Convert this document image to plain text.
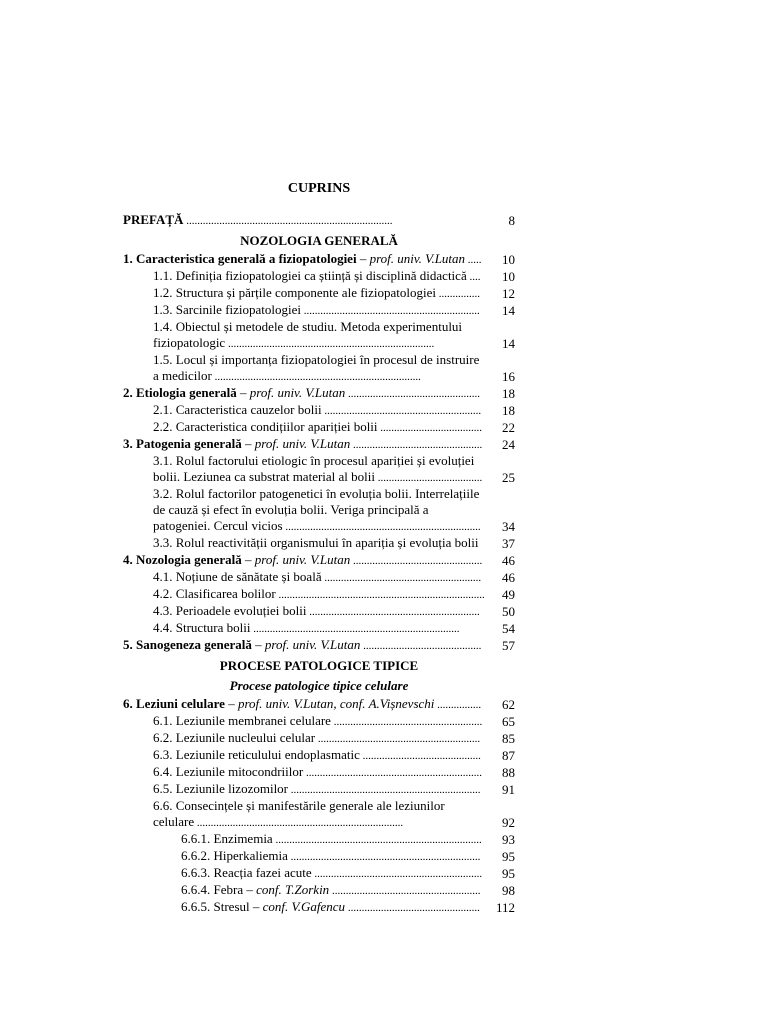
CUPRINS
PREFAȚĂ ...........................................................................	8
NOZOLOGIA GENERALĂ
1. Caracteristica generală a fiziopatologiei – prof. univ. V.Lutan .....	10
1.1. Definiția fiziopatologiei ca știință și disciplină didactică ....	10
1.2. Structura și părțile componente ale fiziopatologiei ...............	12
1.3. Sarcinile fiziopatologiei ................................................................	14
1.4. Obiectul și metodele de studiu. Metoda experimentului fiziopatologic ...........................................................................	14
1.5. Locul și importanța fiziopatologiei în procesul de instruire a medicilor ...........................................................................	16
2. Etiologia generală – prof. univ. V.Lutan ................................................	18
2.1. Caracteristica cauzelor bolii .........................................................	18
2.2. Caracteristica condițiilor apariției bolii .....................................	22
3. Patogenia generală – prof. univ. V.Lutan ...............................................	24
3.1. Rolul factorului etiologic în procesul apariției și evoluției bolii. Leziunea ca substrat material al bolii ......................................	25
3.2. Rolul factorilor patogenetici în evoluția bolii. Interrelațiile de cauză și efect în evoluția bolii. Veriga principală a patogeniei. Cercul vicios .......................................................................	34
3.3. Rolul reactivității organismului în apariția și evoluția bolii	37
4. Nozologia generală – prof. univ. V.Lutan ...............................................	46
4.1. Noțiune de sănătate și boală .........................................................	46
4.2. Clasificarea bolilor ...........................................................................	49
4.3. Perioadele evoluției bolii ..............................................................	50
4.4. Structura bolii ...........................................................................	54
5. Sanogeneza generală – prof. univ. V.Lutan ...........................................	57
PROCESE PATOLOGICE TIPICE
Procese patologice tipice celulare
6. Leziuni celulare – prof. univ. V.Lutan, conf. A.Vișnevschi ................	62
6.1. Leziunile membranei celulare ......................................................	65
6.2. Leziunile nucleului celular ...........................................................	85
6.3. Leziunile reticulului endoplasmatic ...........................................	87
6.4. Leziunile mitocondriilor ................................................................	88
6.5. Leziunile lizozomilor .....................................................................	91
6.6. Consecințele și manifestările generale ale leziunilor celulare ...........................................................................	92
6.6.1. Enzimemia ...........................................................................	93
6.6.2. Hiperkaliemia .....................................................................	95
6.6.3. Reacția fazei acute .............................................................	95
6.6.4. Febra – conf. T.Zorkin ......................................................	98
6.6.5. Stresul – conf. V.Gafencu ................................................	112
